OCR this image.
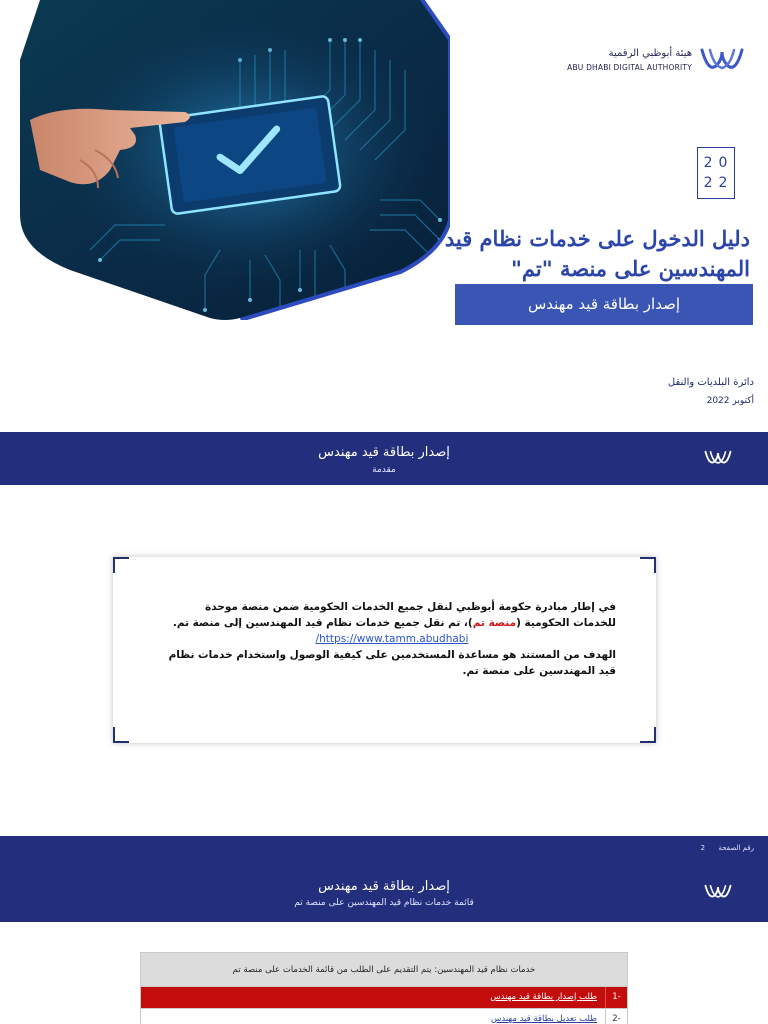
هيئة أبوظبي الرقمية
ABU DHABI DIGITAL AUTHORITY
20
22
دليل الدخول على خدمات نظام قيد المهندسين على منصة "تم"
إصدار بطاقة قيد مهندس
دائرة البلديات والنقل
أكتوبر 2022
إصدار بطاقة قيد مهندس
مقدمة

في إطار مبادرة حكومة أبوظبي لنقل جميع الخدمات الحكومية ضمن منصة موحدة للخدمات الحكومية (منصة تم)، تم نقل جميع خدمات نظام قيد المهندسين إلى منصة تم.

https://www.tamm.abudhabi/

الهدف من المستند هو مساعدة المستخدمين على كيفية الوصول واستخدام خدمات نظام قيد المهندسين على منصة تم.

رقم الصفحة      2
إصدار بطاقة قيد مهندس
قائمة خدمات نظام قيد المهندسين على منصة تم
خدمات نظام قيد المهندسين: يتم التقديم على الطلب من قائمة الخدمات على منصة تم
-1
طلب إصدار بطاقة قيد مهندس
-2
طلب تعديل بطاقة قيد مهندس
